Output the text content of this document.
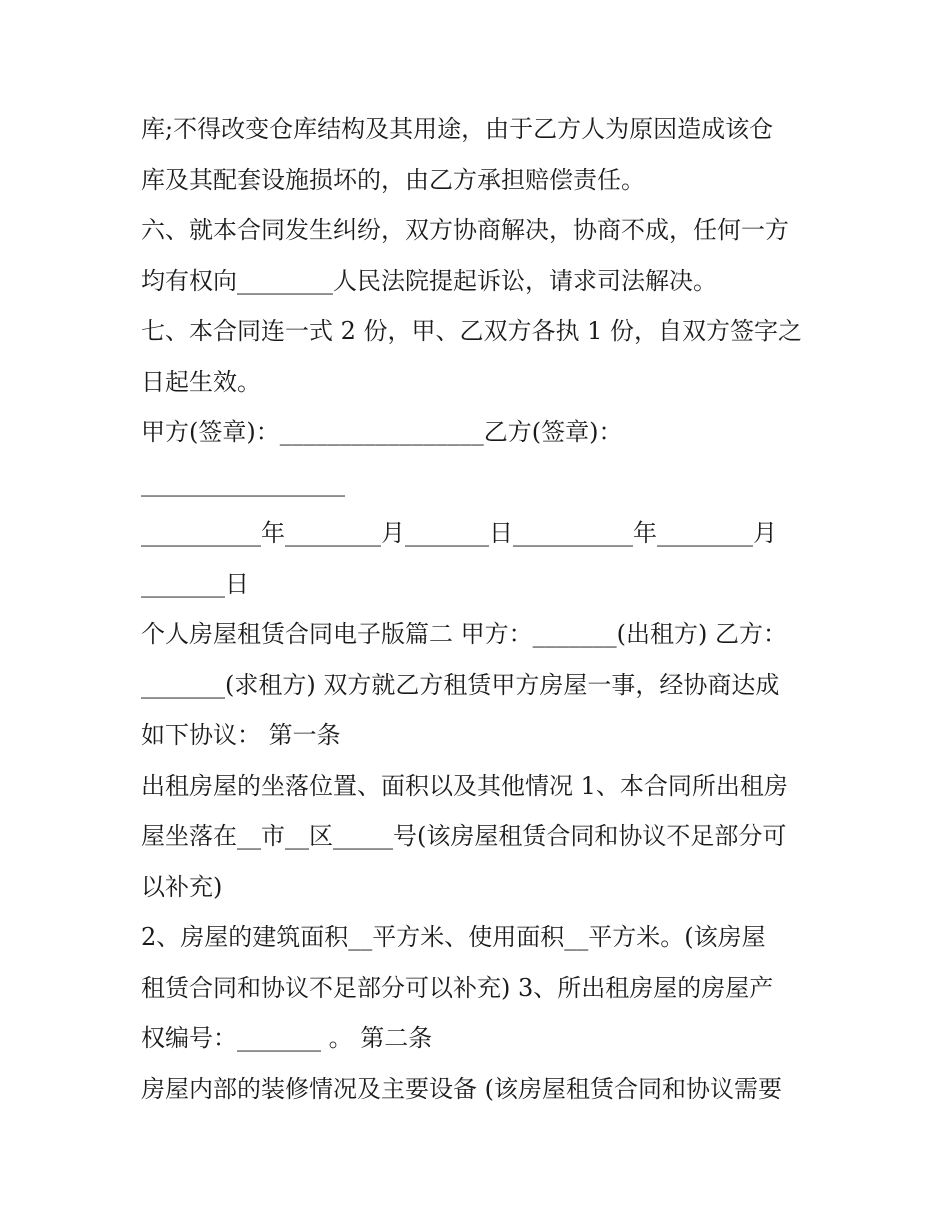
库;不得改变仓库结构及其用途，由于乙方人为原因造成该仓
库及其配套设施损坏的，由乙方承担赔偿责任。
六、就本合同发生纠纷，双方协商解决，协商不成，任何一方
均有权向________人民法院提起诉讼，请求司法解决。
七、本合同连一式 2 份，甲、乙双方各执 1 份，自双方签字之
日起生效。
甲方(签章)：_________________乙方(签章)：
_________________
__________年________月_______日__________年________月
_______日
个人房屋租赁合同电子版篇二 甲方：_______(出租方) 乙方：
_______(求租方) 双方就乙方租赁甲方房屋一事，经协商达成
如下协议： 第一条
出租房屋的坐落位置、面积以及其他情况 1、本合同所出租房
屋坐落在__市__区_____号(该房屋租赁合同和协议不足部分可
以补充)
2、房屋的建筑面积__平方米、使用面积__平方米。(该房屋
租赁合同和协议不足部分可以补充) 3、所出租房屋的房屋产
权编号：_______ 。 第二条
房屋内部的装修情况及主要设备 (该房屋租赁合同和协议需要
